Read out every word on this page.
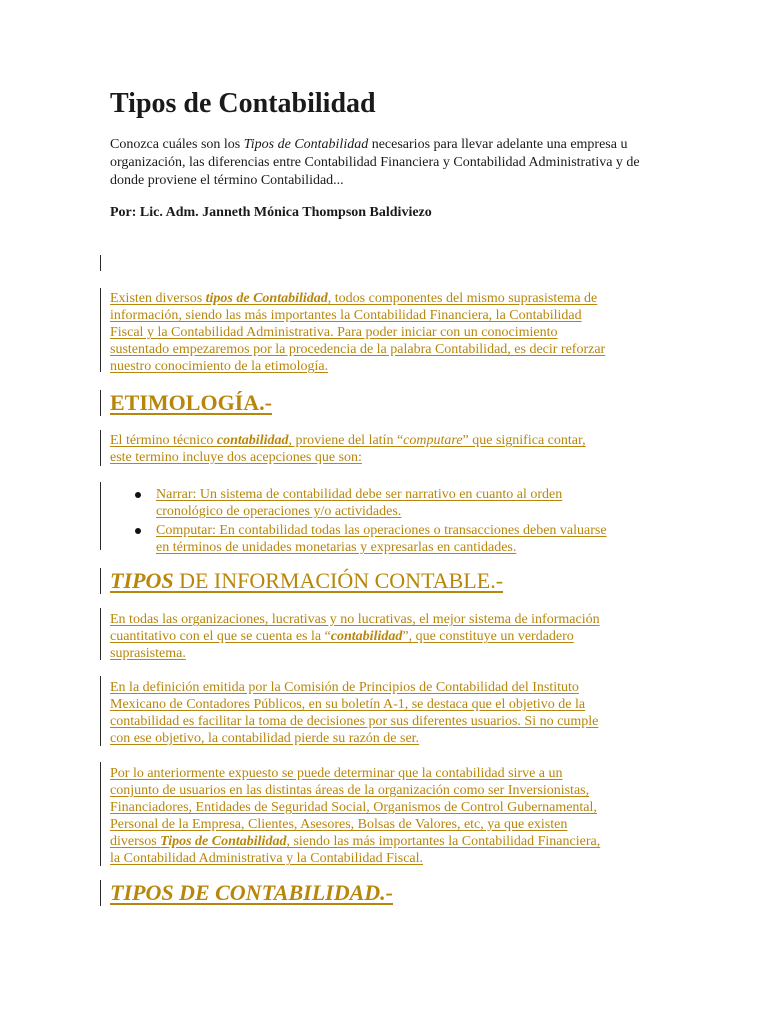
Tipos de Contabilidad

Conozca cuáles son los Tipos de Contabilidad necesarios para llevar adelante una empresa u organización, las diferencias entre Contabilidad Financiera y Contabilidad Administrativa y de donde proviene el término Contabilidad...

Por: Lic. Adm. Janneth Mónica Thompson Baldiviezo

Existen diversos tipos de Contabilidad, todos componentes del mismo suprasistema de
información, siendo las más importantes la Contabilidad Financiera, la Contabilidad
Fiscal y la Contabilidad Administrativa. Para poder iniciar con un conocimiento
sustentado empezaremos por la procedencia de la palabra Contabilidad, es decir reforzar
nuestro conocimiento de la etimología.

ETIMOLOGÍA.-

El término técnico contabilidad, proviene del latín “computare” que significa contar,
este termino incluye dos acepciones que son:

Narrar: Un sistema de contabilidad debe ser narrativo en cuanto al orden
cronológico de operaciones y/o actividades.
Computar: En contabilidad todas las operaciones o transacciones deben valuarse
en términos de unidades monetarias y expresarlas en cantidades.
TIPOS DE INFORMACIÓN CONTABLE.-

En todas las organizaciones, lucrativas y no lucrativas, el mejor sistema de información
cuantitativo con el que se cuenta es la “contabilidad”, que constituye un verdadero
suprasistema.

En la definición emitida por la Comisión de Principios de Contabilidad del Instituto
Mexicano de Contadores Públicos, en su boletín A-1, se destaca que el objetivo de la
contabilidad es facilitar la toma de decisiones por sus diferentes usuarios. Si no cumple
con ese objetivo, la contabilidad pierde su razón de ser.

Por lo anteriormente expuesto se puede determinar que la contabilidad sirve a un
conjunto de usuarios en las distintas áreas de la organización como ser Inversionistas,
Financiadores, Entidades de Seguridad Social, Organismos de Control Gubernamental,
Personal de la Empresa, Clientes, Asesores, Bolsas de Valores, etc, ya que existen
diversos Tipos de Contabilidad, siendo las más importantes la Contabilidad Financiera,
la Contabilidad Administrativa y la Contabilidad Fiscal.

TIPOS DE CONTABILIDAD.-
